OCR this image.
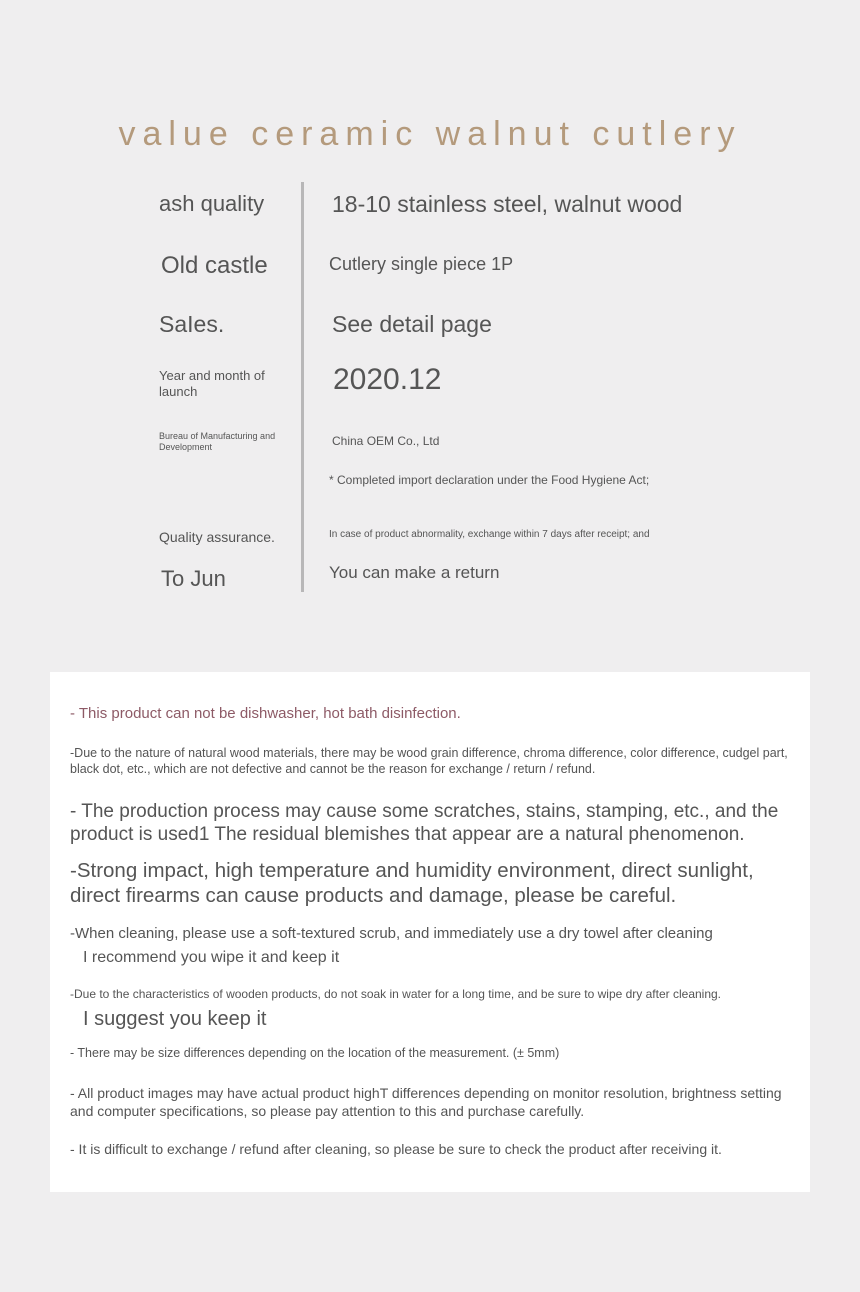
value ceramic walnut cutlery
ash quality	18-10 stainless steel, walnut wood
Old castle	Cutlery single piece 1P
SaIes.	See detail page
Year and month of launch	2020.12
Bureau of Manufacturing and Development	China OEM Co., Ltd
* Completed import declaration under the Food Hygiene Act;
Quality assurance.	In case of product abnormality, exchange within 7 days after receipt; and
To Jun	You can make a return

- This product can not be dishwasher, hot bath disinfection.

-Due to the nature of natural wood materials, there may be wood grain difference, chroma difference, color difference, cudgel part, black dot, etc., which are not defective and cannot be the reason for exchange / return / refund.

- The production process may cause some scratches, stains, stamping, etc., and the product is used1 The residual blemishes that appear are a natural phenomenon.

-Strong impact, high temperature and humidity environment, direct sunlight, direct firearms can cause products and damage, please be careful.

-When cleaning, please use a soft-textured scrub, and immediately use a dry towel after cleaning

I recommend you wipe it and keep it

-Due to the characteristics of wooden products, do not soak in water for a long time, and be sure to wipe dry after cleaning.

I suggest you keep it

- There may be size differences depending on the location of the measurement. (± 5mm)

- All product images may have actual product highT differences depending on monitor resolution, brightness setting and computer specifications, so please pay attention to this and purchase carefully.

- It is difficult to exchange / refund after cleaning, so please be sure to check the product after receiving it.
